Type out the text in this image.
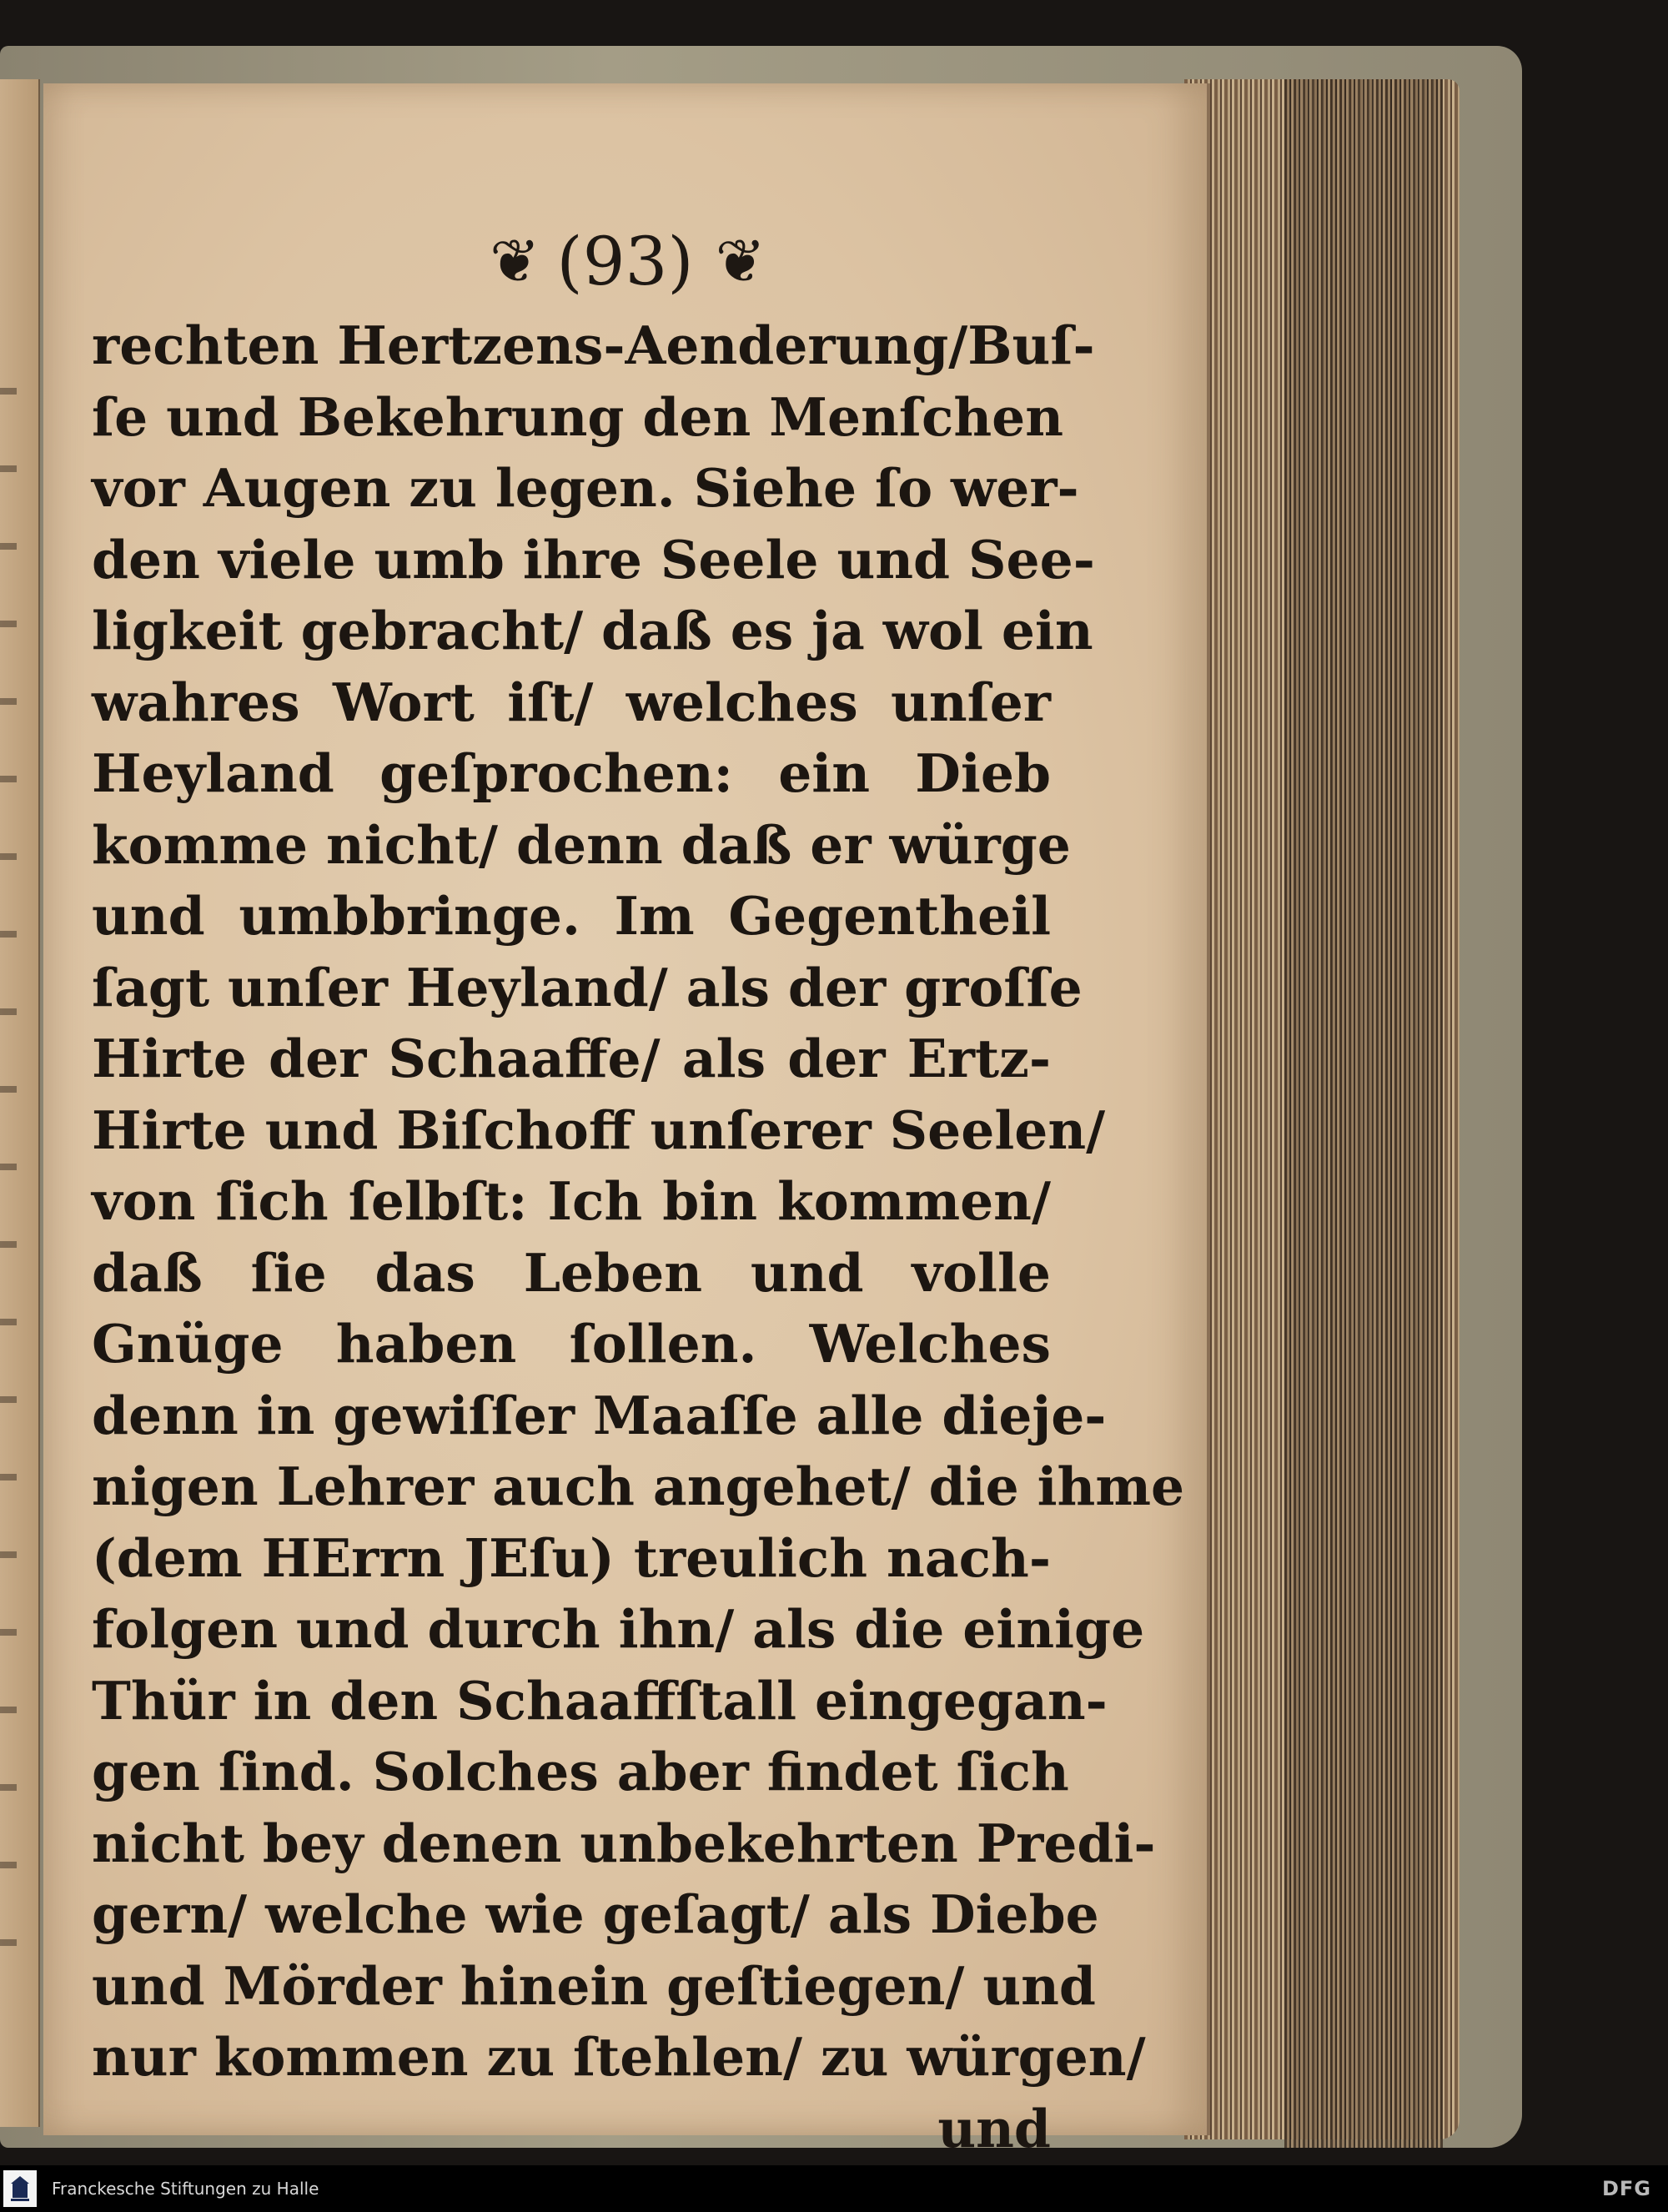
❦ (93) ❦
rechten Hertzens-Aenderung/Buſ-
ſe und Bekehrung den Menſchen
vor Augen zu legen. Siehe ſo wer-
den viele umb ihre Seele und See-
ligkeit gebracht/ daß es ja wol ein
wahres Wort iſt/ welches unſer
Heyland geſprochen: ein Dieb
komme nicht/ denn daß er würge
und umbbringe. Im Gegentheil
ſagt unſer Heyland/ als der groſſe
Hirte der Schaaffe/ als der Ertz-
Hirte und Biſchoff unſerer Seelen/
von ſich ſelbſt: Ich bin kommen/
daß ſie das Leben und volle
Gnüge haben ſollen. Welches
denn in gewiſſer Maaſſe alle dieje-
nigen Lehrer auch angehet/ die ihme
(dem HErrn JEſu) treulich nach-
folgen und durch ihn/ als die einige
Thür in den Schaaffſtall eingegan-
gen ſind. Solches aber findet ſich
nicht bey denen unbekehrten Predi-
gern/ welche wie geſagt/ als Diebe
und Mörder hinein geſtiegen/ und
nur kommen zu ſtehlen/ zu würgen/
und
Franckesche Stiftungen zu Halle	DFG
